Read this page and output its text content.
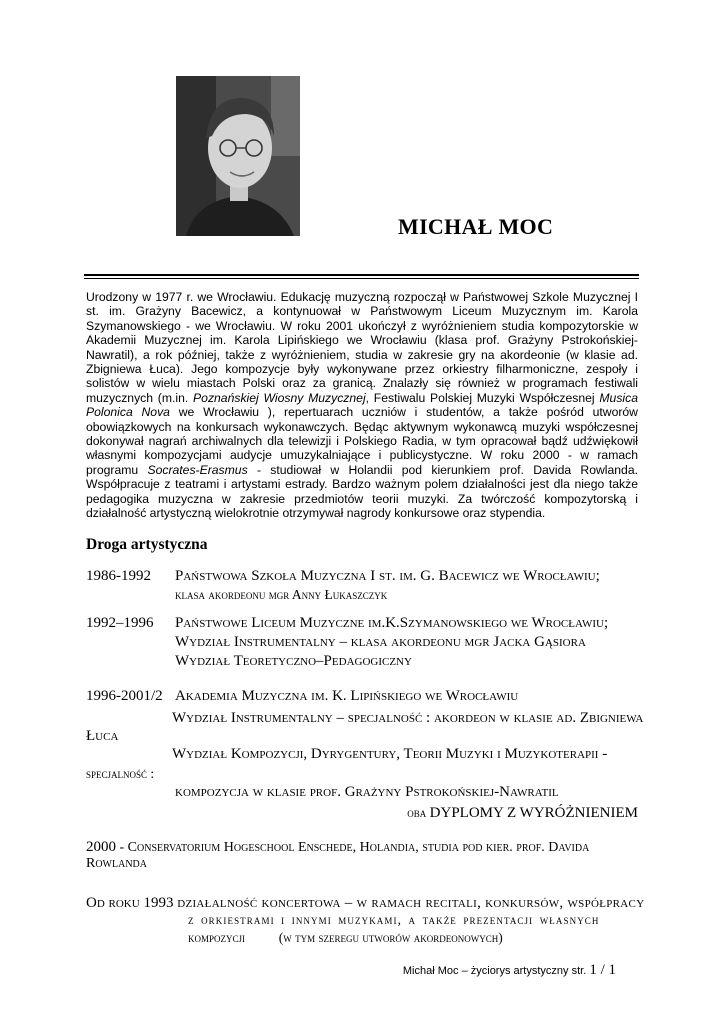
MICHAŁ MOC
Urodzony w 1977 r. we Wrocławiu. Edukację muzyczną rozpoczął w Państwowej Szkole Muzycznej I st. im. Grażyny Bacewicz, a kontynuował w Państwowym Liceum Muzycznym im. Karola Szymanowskiego - we Wrocławiu. W roku 2001 ukończył z wyróżnieniem studia kompozytorskie w Akademii Muzycznej im. Karola Lipińskiego we Wrocławiu (klasa prof. Grażyny Pstrokońskiej-Nawratil), a rok później, także z wyróżnieniem, studia w zakresie gry na akordeonie (w klasie ad. Zbigniewa Łuca). Jego kompozycje były wykonywane przez orkiestry filharmoniczne, zespoły i solistów w wielu miastach Polski oraz za granicą. Znalazły się również w programach festiwali muzycznych (m.in. Poznańskiej Wiosny Muzycznej, Festiwalu Polskiej Muzyki Współczesnej Musica Polonica Nova we Wrocławiu ), repertuarach uczniów i studentów, a także pośród utworów obowiązkowych na konkursach wykonawczych. Będąc aktywnym wykonawcą muzyki współczesnej dokonywał nagrań archiwalnych dla telewizji i Polskiego Radia, w tym opracował bądź udźwiękowił własnymi kompozycjami audycje umuzykalniające i publicystyczne. W roku 2000 - w ramach programu Socrates-Erasmus - studiował w Holandii pod kierunkiem prof. Davida Rowlanda. Współpracuje z teatrami i artystami estrady. Bardzo ważnym polem działalności jest dla niego także pedagogika muzyczna w zakresie przedmiotów teorii muzyki. Za twórczość kompozytorską i działalność artystyczną wielokrotnie otrzymywał nagrody konkursowe oraz stypendia.
Droga artystyczna
1986-1992 Państwowa Szkoła Muzyczna I st. im. G. Bacewicz we Wrocławiu;
klasa akordeonu mgr Anny Łukaszczyk
1992–1996 Państwowe Liceum Muzyczne im.K.Szymanowskiego we Wrocławiu;
Wydział Instrumentalny – klasa akordeonu mgr Jacka Gąsiora
Wydział Teoretyczno–Pedagogiczny
1996-2001/2 Akademia Muzyczna im. K. Lipińskiego we Wrocławiu
Wydział Instrumentalny – specjalność : akordeon w klasie ad. Zbigniewa
Łuca
Wydział Kompozycji, Dyrygentury, Teorii Muzyki i Muzykoterapii -
specjalność :
kompozycja w klasie prof. Grażyny Pstrokońskiej-Nawratil
oba DYPLOMY Z WYRÓŻNIENIEM
2000 - Conservatorium Hogeschool Enschede, Holandia, studia pod kier. prof. Davida
Rowlanda
Od roku 1993 działalność koncertowa – w ramach recitali, konkursów, współpracy
z orkiestrami i innymi muzykami, a także prezentacji własnych
kompozycji          (w tym szeregu utworów akordeonowych)
Michał Moc – życiorys artystyczny str. 1 / 1
